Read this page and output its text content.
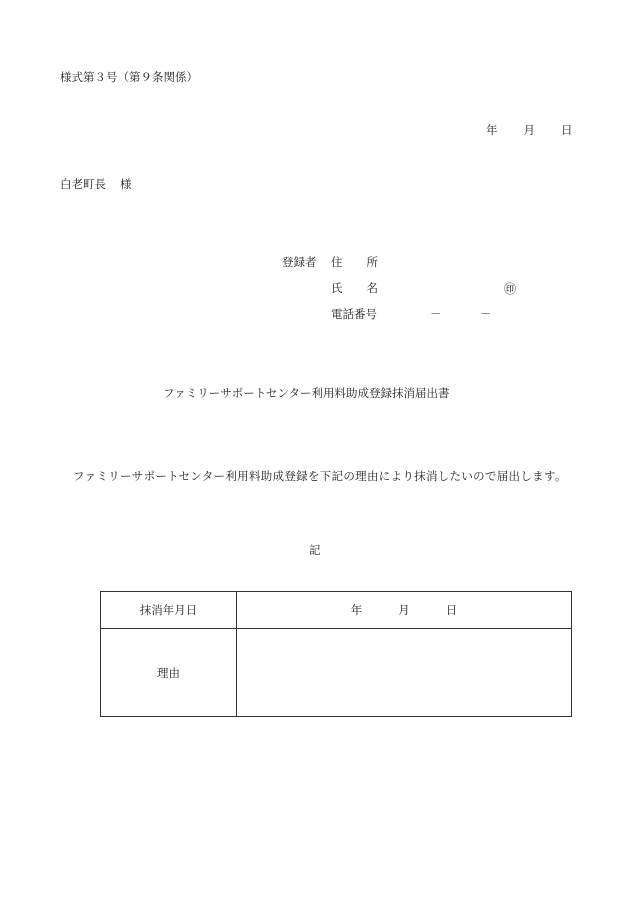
様式第３号（第９条関係）
年 月 日
白老町長 様
登録者 住所
氏名	㊞
電話番号	－	－
ファミリーサポートセンター利用料助成登録抹消届出書
ファミリーサポートセンター利用料助成登録を下記の理由により抹消したいので届出します。
記
抹消年月日	年 月 日
理由	
